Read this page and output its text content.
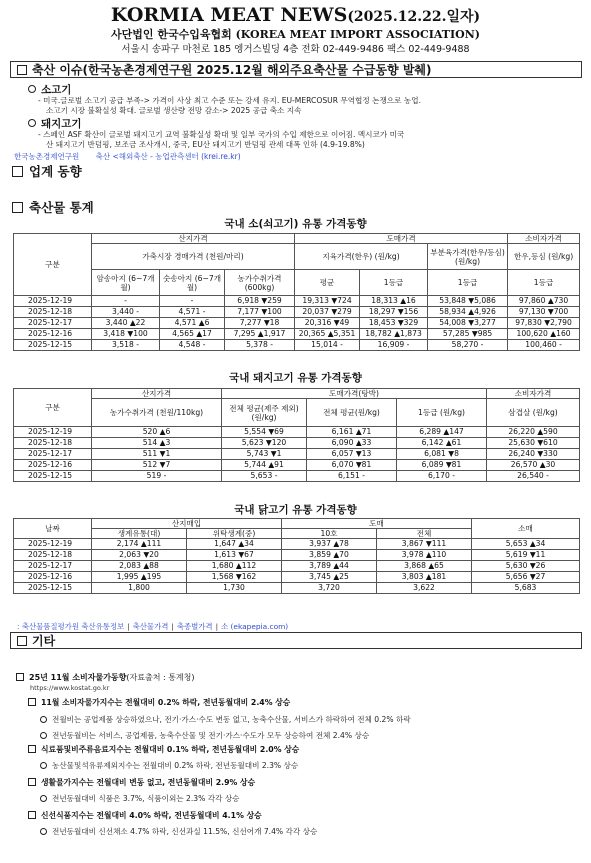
KORMIA MEAT NEWS(2025.12.22.일자)
사단법인 한국수입육협회 (KOREA MEAT IMPORT ASSOCIATION)
서울시 송파구 마천로 185 엥거스빌딩 4층 전화 02-449-9486 팩스 02-449-9488
축산 이슈(한국농촌경제연구원 2025.12월 해외주요축산물 수급동향 발췌)
소고기
- 미국.글로벌 소고기 공급 부족-> 가격이 사상 최고 수준 또는 강세 유지. EU-MERCOSUR 무역협정 논쟁으로 농업.
소고기 시장 불확실성 확대. 글로벌 생산량 전망 감소-> 2025 공급 축소 지속
돼지고기
- 스페인 ASF 확산이 글로벌 돼지고기 교역 불확실성 확대 및 일부 국가의 수입 제한으로 이어짐. 멕시코가 미국
산 돼지고기 반덤핑, 보조금 조사개시, 중국, EU산 돼지고기 반덤핑 관세 대폭 인하 (4.9-19.8%)
한국농촌경제연구원 축산 <해외축산 - 농업관측센터 (krei.re.kr)
업계 동향
축산물 통계
국내 소(쇠고기) 유통 가격동향
구분	산지가격			도매가격			소비자가격
	가축시장 경매가격 (천원/마리)			지육가격(한우) (원/kg)		부분육가격(한우/등심)(원/kg)	한우,등심 (원/kg)
	암송아지 (6~7개월)	숫송아지 (6~7개월)	농가수취가격 (600kg)	평균	1등급	1등급	1등급
2025-12-19	-	-	6,918 ▼259	19,313 ▼724	18,313 ▲16	53,848 ▼5,086	97,860 ▲730
2025-12-18	3,440 -	4,571 -	7,177 ▼100	20,037 ▼279	18,297 ▼156	58,934 ▲4,926	97,130 ▼700
2025-12-17	3,440 ▲22	4,571 ▲6	7,277 ▼18	20,316 ▼49	18,453 ▼329	54,008 ▼3,277	97,830 ▼2,790
2025-12-16	3,418 ▼100	4,565 ▲17	7,295 ▲1,917	20,365 ▲5,351	18,782 ▲1,873	57,285 ▼985	100,620 ▲160
2025-12-15	3,518 -	4,548 -	5,378 -	15,014 -	16,909 -	58,270 -	100,460 -
국내 돼지고기 유통 가격동향
구분	산지가격	도매가격(탕박)			소비자가격
	농가수취가격 (천원/110kg)	전체 평균(제주 제외) (원/kg)	전체 평균(원/kg)	1등급 (원/kg)	삼겹살 (원/kg)
2025-12-19	520 ▲6	5,554 ▼69	6,161 ▲71	6,289 ▲147	26,220 ▲590
2025-12-18	514 ▲3	5,623 ▼120	6,090 ▲33	6,142 ▲61	25,630 ▼610
2025-12-17	511 ▼1	5,743 ▼1	6,057 ▼13	6,081 ▼8	26,240 ▼330
2025-12-16	512 ▼7	5,744 ▲91	6,070 ▼81	6,089 ▼81	26,570 ▲30
2025-12-15	519 -	5,653 -	6,151 -	6,170 -	26,540 -
국내 닭고기 유통 가격동향
날짜	산지매입		도매		소매
	생계유통(대)	위탁생계(중)	10호	전체	
2025-12-19	2,174 ▲111	1,647 ▲34	3,937 ▲78	3,867 ▼111	5,653 ▲34
2025-12-18	2,063 ▼20	1,613 ▼67	3,859 ▲70	3,978 ▲110	5,619 ▼11
2025-12-17	2,083 ▲88	1,680 ▲112	3,789 ▲44	3,868 ▲65	5,630 ▼26
2025-12-16	1,995 ▲195	1,568 ▼162	3,745 ▲25	3,803 ▲181	5,656 ▼27
2025-12-15	1,800	1,730	3,720	3,622	5,683
: 축산물품질평가원 축산유통정보 | 축산물가격 | 축종별가격 | 소 (ekapepia.com)
기타
25년 11월 소비자물가동향(자료출처 : 통계청)
https://www.kostat.go.kr
11월 소비자물가지수는 전월대비 0.2% 하락, 전년동월대비 2.4% 상승
전월비는 공업제품 상승하였으나, 전기·가스·수도 변동 없고, 농축수산물, 서비스가 하락하여 전체 0.2% 하락
전년동월비는 서비스, 공업제품, 농축수산물 및 전기·가스·수도가 모두 상승하여 전체 2.4% 상승
식료품및비주류음료지수는 전월대비 0.1% 하락, 전년동월대비 2.0% 상승
농산물및석유류제외지수는 전월대비 0.2% 하락, 전년동월대비 2.3% 상승
생활물가지수는 전월대비 변동 없고, 전년동월대비 2.9% 상승
전년동월대비 식품은 3.7%, 식품이외는 2.3% 각각 상승
신선식품지수는 전월대비 4.0% 하락, 전년동월대비 4.1% 상승
전년동월대비 신선채소 4.7% 하락, 신선과실 11.5%, 신선어개 7.4% 각각 상승
